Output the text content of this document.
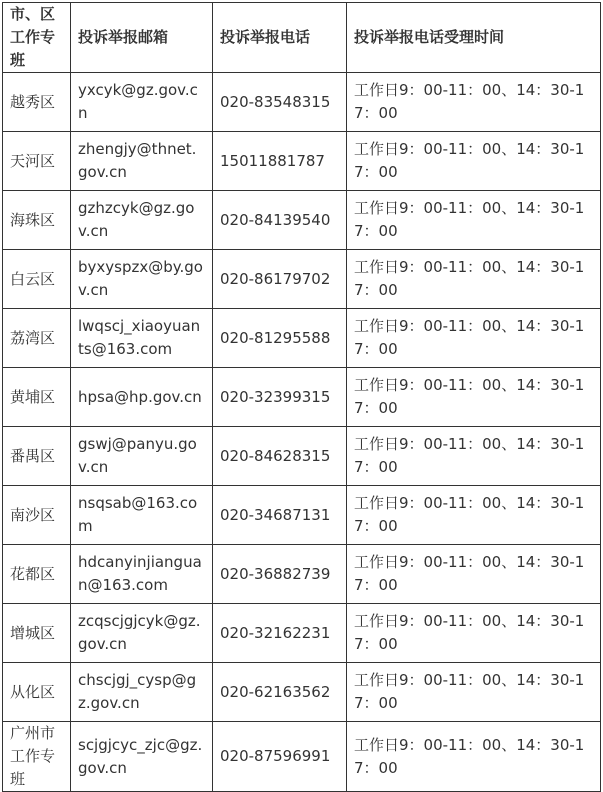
市、区工作专班	投诉举报邮箱	投诉举报电话	投诉举报电话受理时间
越秀区	yxcyk@gz.gov.cn	020-83548315	工作日9：00-11：00、14：30-17：00
天河区	zhengjy@thnet.gov.cn	15011881787	工作日9：00-11：00、14：30-17：00
海珠区	gzhzcyk@gz.gov.cn	020-84139540	工作日9：00-11：00、14：30-17：00
白云区	byxyspzx@by.gov.cn	020-86179702	工作日9：00-11：00、14：30-17：00
荔湾区	lwqscj_xiaoyuants@163.com	020-81295588	工作日9：00-11：00、14：30-17：00
黄埔区	hpsa@hp.gov.cn	020-32399315	工作日9：00-11：00、14：30-17：00
番禺区	gswj@panyu.gov.cn	020-84628315	工作日9：00-11：00、14：30-17：00
南沙区	nsqsab@163.com	020-34687131	工作日9：00-11：00、14：30-17：00
花都区	hdcanyinjianguan@163.com	020-36882739	工作日9：00-11：00、14：30-17：00
增城区	zcqscjgjcyk@gz.gov.cn	020-32162231	工作日9：00-11：00、14：30-17：00
从化区	chscjgj_cysp@gz.gov.cn	020-62163562	工作日9：00-11：00、14：30-17：00
广州市工作专班	scjgjcyc_zjc@gz.gov.cn	020-87596991	工作日9：00-11：00、14：30-17：00
